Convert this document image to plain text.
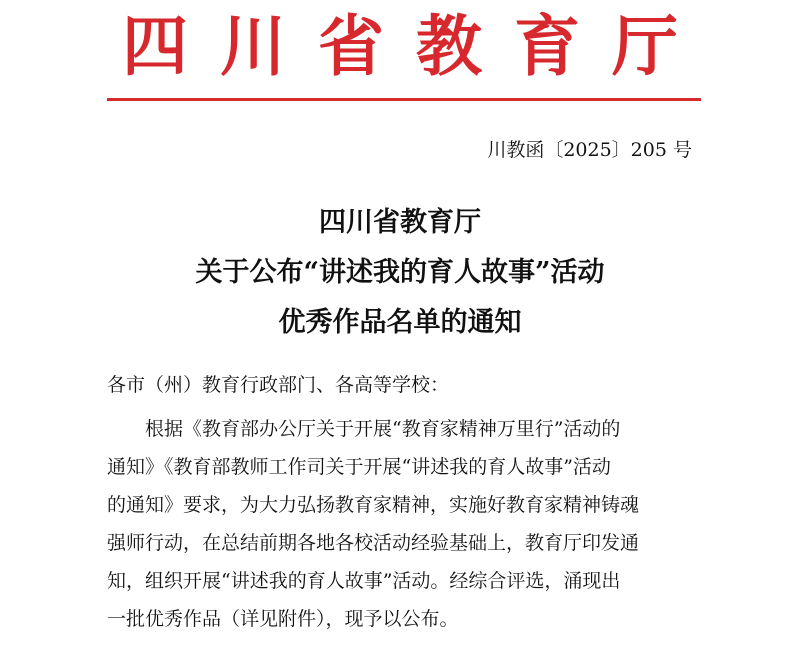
四 川 省 教 育 厅
川教函〔2025〕205 号
四川省教育厅
关于公布“讲述我的育人故事”活动
优秀作品名单的通知
各市（州）教育行政部门、各高等学校：
根据《教育部办公厅关于开展“教育家精神万里行”活动的
通知》《教育部教师工作司关于开展“讲述我的育人故事”活动
的通知》要求，为大力弘扬教育家精神，实施好教育家精神铸魂
强师行动，在总结前期各地各校活动经验基础上，教育厅印发通
知，组织开展“讲述我的育人故事”活动。经综合评选，涌现出
一批优秀作品（详见附件），现予以公布。
